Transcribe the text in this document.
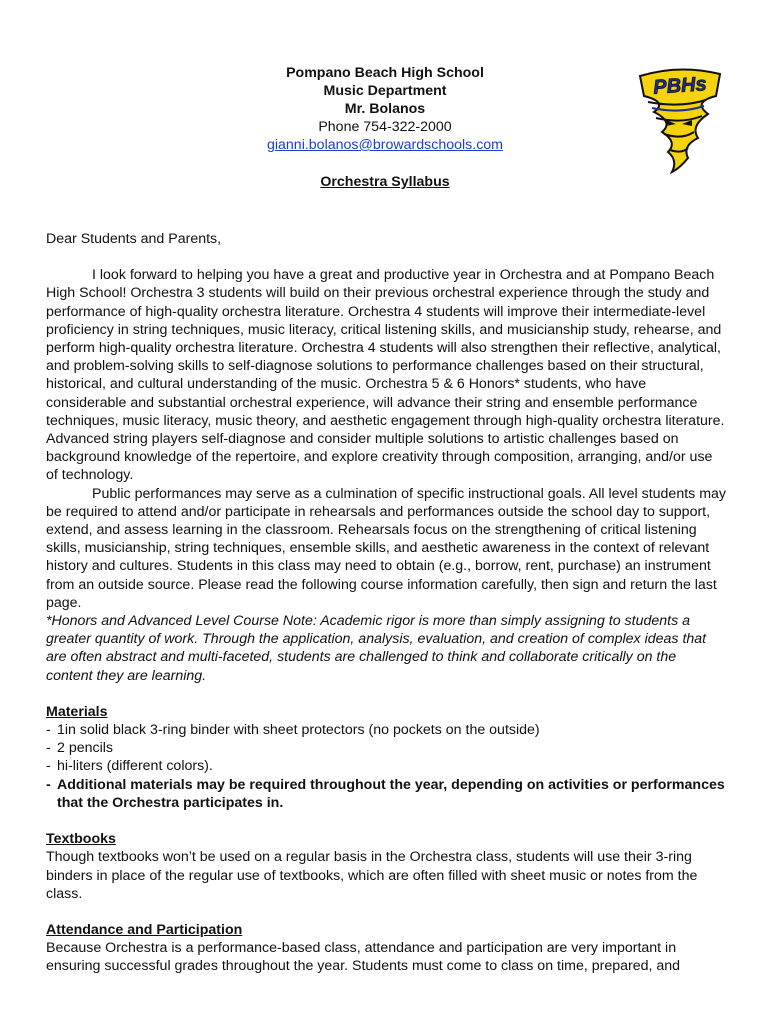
Pompano Beach High School
Music Department
Mr. Bolanos
Phone 754-322-2000
gianni.bolanos@browardschools.com
PBHs
Orchestra Syllabus

Dear Students and Parents,

I look forward to helping you have a great and productive year in Orchestra and at Pompano Beach High School! Orchestra 3 students will build on their previous orchestral experience through the study and performance of high-quality orchestra literature. Orchestra 4 students will improve their intermediate-level proficiency in string techniques, music literacy, critical listening skills, and musicianship study, rehearse, and perform high-quality orchestra literature. Orchestra 4 students will also strengthen their reflective, analytical, and problem-solving skills to self-diagnose solutions to performance challenges based on their structural, historical, and cultural understanding of the music. Orchestra 5 & 6 Honors* students, who have considerable and substantial orchestral experience, will advance their string and ensemble performance techniques, music literacy, music theory, and aesthetic engagement through high-quality orchestra literature. Advanced string players self-diagnose and consider multiple solutions to artistic challenges based on background knowledge of the repertoire, and explore creativity through composition, arranging, and/or use of technology.

Public performances may serve as a culmination of specific instructional goals. All level students may be required to attend and/or participate in rehearsals and performances outside the school day to support, extend, and assess learning in the classroom. Rehearsals focus on the strengthening of critical listening skills, musicianship, string techniques, ensemble skills, and aesthetic awareness in the context of relevant history and cultures. Students in this class may need to obtain (e.g., borrow, rent, purchase) an instrument from an outside source. Please read the following course information carefully, then sign and return the last page.

*Honors and Advanced Level Course Note: Academic rigor is more than simply assigning to students a greater quantity of work. Through the application, analysis, evaluation, and creation of complex ideas that are often abstract and multi-faceted, students are challenged to think and collaborate critically on the content they are learning.

Materials
- 1in solid black 3-ring binder with sheet protectors (no pockets on the outside)
- 2 pencils
- hi-liters (different colors).
- Additional materials may be required throughout the year, depending on activities or performances that the Orchestra participates in.
Textbooks

Though textbooks won’t be used on a regular basis in the Orchestra class, students will use their 3-ring binders in place of the regular use of textbooks, which are often filled with sheet music or notes from the class.

Attendance and Participation

Because Orchestra is a performance-based class, attendance and participation are very important in ensuring successful grades throughout the year. Students must come to class on time, prepared, and
